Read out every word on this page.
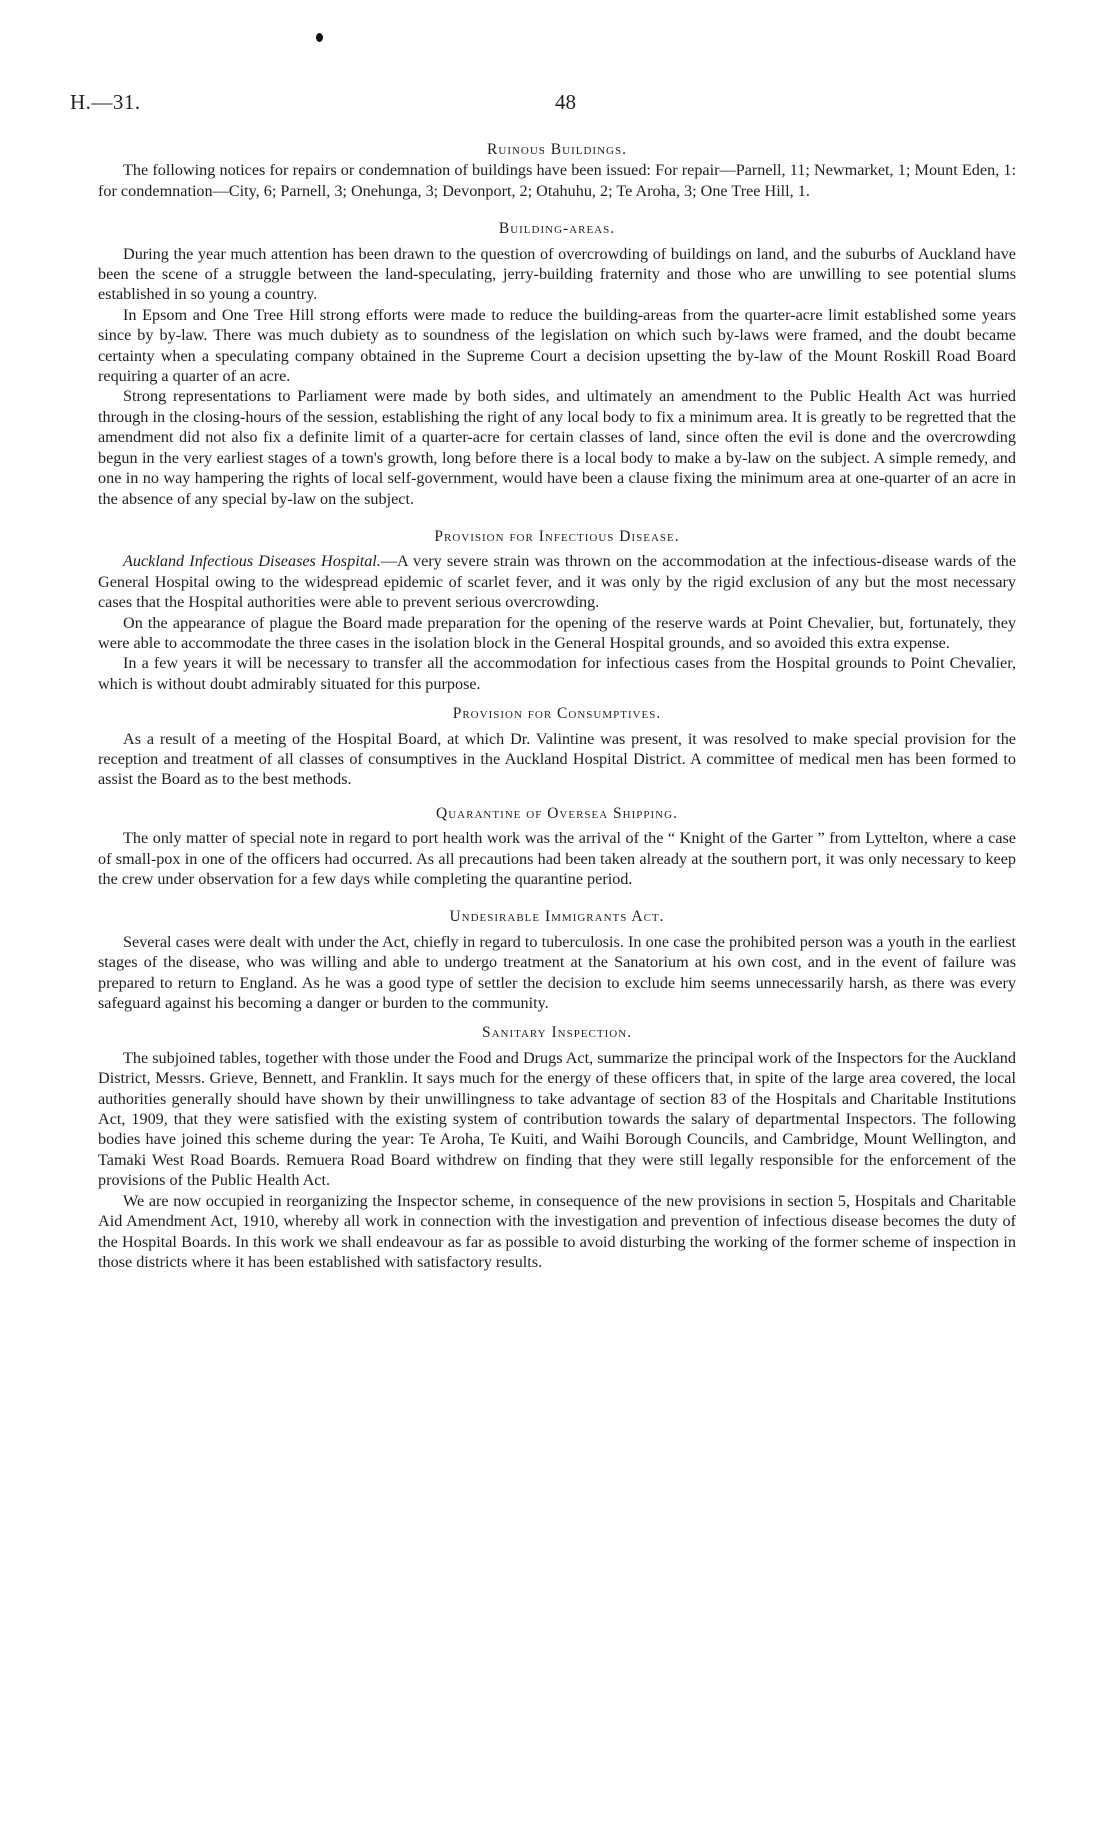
H.—31.	48
Ruinous Buildings.

The following notices for repairs or condemnation of buildings have been issued: For repair—Parnell, 11; Newmarket, 1; Mount Eden, 1: for condemnation—City, 6; Parnell, 3; Onehunga, 3; Devonport, 2; Otahuhu, 2; Te Aroha, 3; One Tree Hill, 1.

Building-areas.

During the year much attention has been drawn to the question of overcrowding of buildings on land, and the suburbs of Auckland have been the scene of a struggle between the land-speculating, jerry-building fraternity and those who are unwilling to see potential slums established in so young a country.

In Epsom and One Tree Hill strong efforts were made to reduce the building-areas from the quarter-acre limit established some years since by by-law. There was much dubiety as to soundness of the legislation on which such by-laws were framed, and the doubt became certainty when a speculating company obtained in the Supreme Court a decision upsetting the by-law of the Mount Roskill Road Board requiring a quarter of an acre.

Strong representations to Parliament were made by both sides, and ultimately an amendment to the Public Health Act was hurried through in the closing-hours of the session, establishing the right of any local body to fix a minimum area. It is greatly to be regretted that the amendment did not also fix a definite limit of a quarter-acre for certain classes of land, since often the evil is done and the overcrowding begun in the very earliest stages of a town's growth, long before there is a local body to make a by-law on the subject. A simple remedy, and one in no way hampering the rights of local self-government, would have been a clause fixing the minimum area at one-quarter of an acre in the absence of any special by-law on the subject.

Provision for Infectious Disease.

Auckland Infectious Diseases Hospital.—A very severe strain was thrown on the accommodation at the infectious-disease wards of the General Hospital owing to the widespread epidemic of scarlet fever, and it was only by the rigid exclusion of any but the most necessary cases that the Hospital authorities were able to prevent serious overcrowding.

On the appearance of plague the Board made preparation for the opening of the reserve wards at Point Chevalier, but, fortunately, they were able to accommodate the three cases in the isolation block in the General Hospital grounds, and so avoided this extra expense.

In a few years it will be necessary to transfer all the accommodation for infectious cases from the Hospital grounds to Point Chevalier, which is without doubt admirably situated for this purpose.

Provision for Consumptives.

As a result of a meeting of the Hospital Board, at which Dr. Valintine was present, it was resolved to make special provision for the reception and treatment of all classes of consumptives in the Auckland Hospital District. A committee of medical men has been formed to assist the Board as to the best methods.

Quarantine of Oversea Shipping.

The only matter of special note in regard to port health work was the arrival of the “ Knight of the Garter ” from Lyttelton, where a case of small-pox in one of the officers had occurred. As all precautions had been taken already at the southern port, it was only necessary to keep the crew under observation for a few days while completing the quarantine period.

Undesirable Immigrants Act.

Several cases were dealt with under the Act, chiefly in regard to tuberculosis. In one case the prohibited person was a youth in the earliest stages of the disease, who was willing and able to undergo treatment at the Sanatorium at his own cost, and in the event of failure was prepared to return to England. As he was a good type of settler the decision to exclude him seems unnecessarily harsh, as there was every safeguard against his becoming a danger or burden to the community.

Sanitary Inspection.

The subjoined tables, together with those under the Food and Drugs Act, summarize the principal work of the Inspectors for the Auckland District, Messrs. Grieve, Bennett, and Franklin. It says much for the energy of these officers that, in spite of the large area covered, the local authorities generally should have shown by their unwillingness to take advantage of section 83 of the Hospitals and Charitable Institutions Act, 1909, that they were satisfied with the existing system of contribution towards the salary of departmental Inspectors. The following bodies have joined this scheme during the year: Te Aroha, Te Kuiti, and Waihi Borough Councils, and Cambridge, Mount Wellington, and Tamaki West Road Boards. Remuera Road Board withdrew on finding that they were still legally responsible for the enforcement of the provisions of the Public Health Act.

We are now occupied in reorganizing the Inspector scheme, in consequence of the new provisions in section 5, Hospitals and Charitable Aid Amendment Act, 1910, whereby all work in connection with the investigation and prevention of infectious disease becomes the duty of the Hospital Boards. In this work we shall endeavour as far as possible to avoid disturbing the working of the former scheme of inspection in those districts where it has been established with satisfactory results.
